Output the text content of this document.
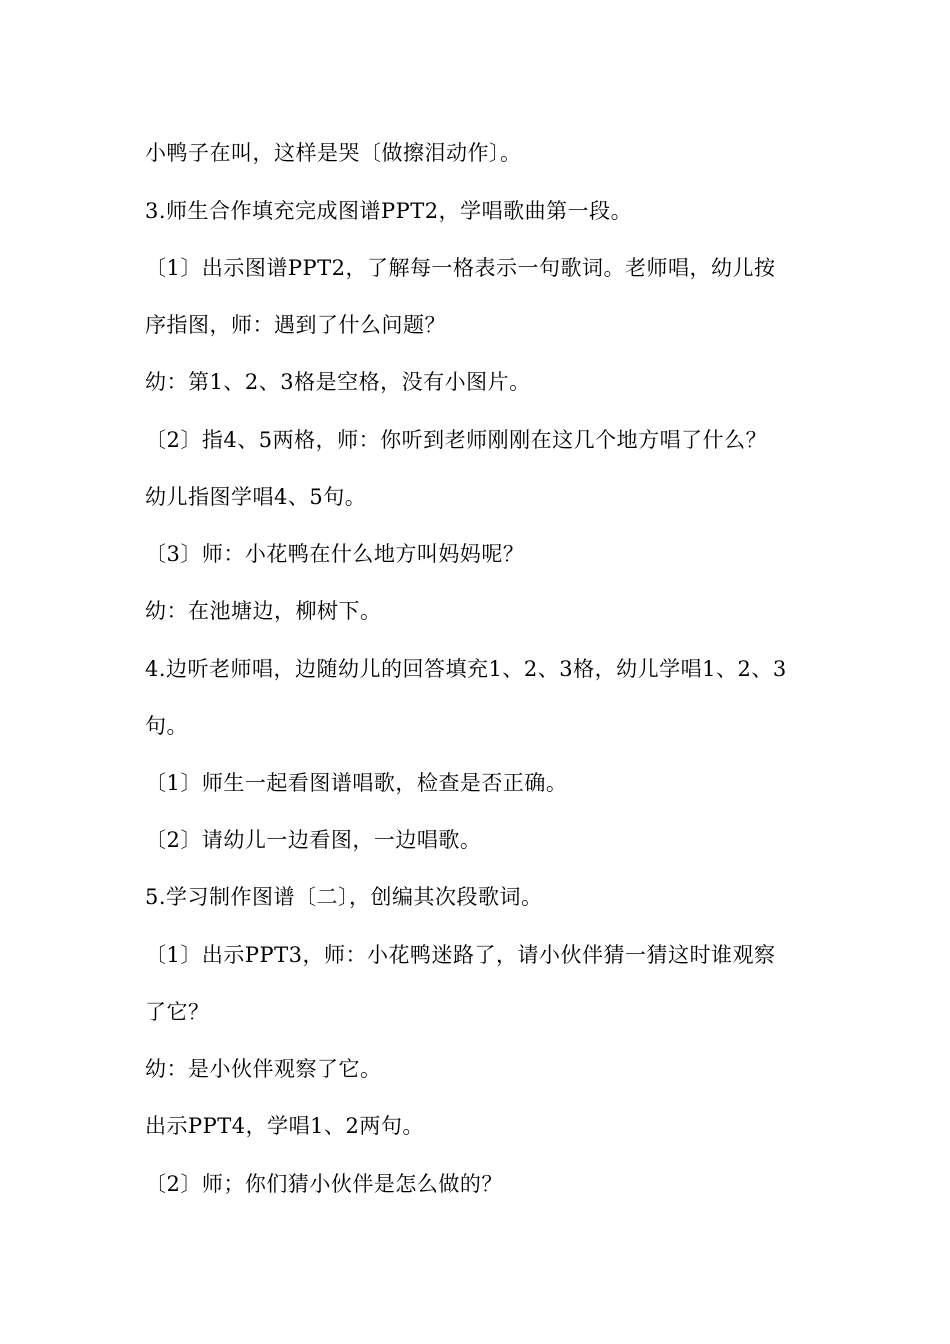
小鸭子在叫，这样是哭〔做擦泪动作〕。
3.师生合作填充完成图谱PPT2，学唱歌曲第一段。
〔1〕出示图谱PPT2，了解每一格表示一句歌词。老师唱，幼儿按
序指图，师：遇到了什么问题？
幼：第1、2、3格是空格，没有小图片。
〔2〕指4、5两格，师：你听到老师刚刚在这几个地方唱了什么？
幼儿指图学唱4、5句。
〔3〕师：小花鸭在什么地方叫妈妈呢？
幼：在池塘边，柳树下。
4.边听老师唱，边随幼儿的回答填充1、2、3格，幼儿学唱1、2、3
句。
〔1〕师生一起看图谱唱歌，检查是否正确。
〔2〕请幼儿一边看图，一边唱歌。
5.学习制作图谱〔二〕，创编其次段歌词。
〔1〕出示PPT3，师：小花鸭迷路了，请小伙伴猜一猜这时谁观察
了它？
幼：是小伙伴观察了它。
出示PPT4，学唱1、2两句。
〔2〕师；你们猜小伙伴是怎么做的？
